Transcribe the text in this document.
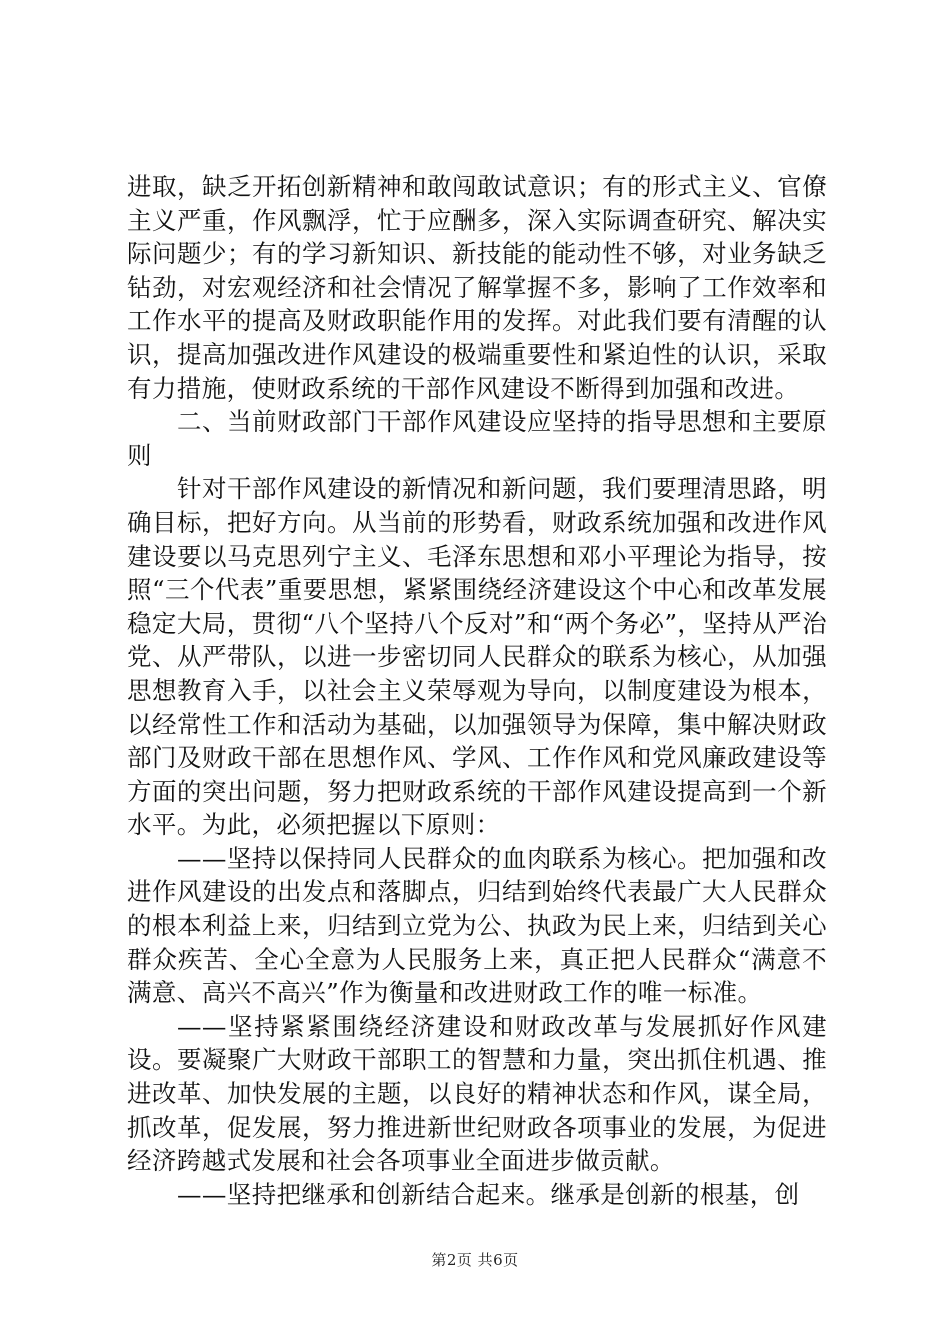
进取，缺乏开拓创新精神和敢闯敢试意识；有的形式主义、官僚主义严重，作风飘浮，忙于应酬多，深入实际调查研究、解决实际问题少；有的学习新知识、新技能的能动性不够，对业务缺乏钻劲，对宏观经济和社会情况了解掌握不多，影响了工作效率和工作水平的提高及财政职能作用的发挥。对此我们要有清醒的认识，提高加强改进作风建设的极端重要性和紧迫性的认识，采取有力措施，使财政系统的干部作风建设不断得到加强和改进。

二、当前财政部门干部作风建设应坚持的指导思想和主要原则

针对干部作风建设的新情况和新问题，我们要理清思路，明确目标，把好方向。从当前的形势看，财政系统加强和改进作风建设要以马克思列宁主义、毛泽东思想和邓小平理论为指导，按照“三个代表”重要思想，紧紧围绕经济建设这个中心和改革发展稳定大局，贯彻“八个坚持八个反对”和“两个务必”，坚持从严治党、从严带队，以进一步密切同人民群众的联系为核心，从加强思想教育入手，以社会主义荣辱观为导向，以制度建设为根本，以经常性工作和活动为基础，以加强领导为保障，集中解决财政部门及财政干部在思想作风、学风、工作作风和党风廉政建设等方面的突出问题，努力把财政系统的干部作风建设提高到一个新水平。为此，必须把握以下原则：

——坚持以保持同人民群众的血肉联系为核心。把加强和改进作风建设的出发点和落脚点，归结到始终代表最广大人民群众的根本利益上来，归结到立党为公、执政为民上来，归结到关心群众疾苦、全心全意为人民服务上来，真正把人民群众“满意不满意、高兴不高兴”作为衡量和改进财政工作的唯一标准。

——坚持紧紧围绕经济建设和财政改革与发展抓好作风建设。要凝聚广大财政干部职工的智慧和力量，突出抓住机遇、推进改革、加快发展的主题，以良好的精神状态和作风，谋全局，抓改革，促发展，努力推进新世纪财政各项事业的发展，为促进经济跨越式发展和社会各项事业全面进步做贡献。

——坚持把继承和创新结合起来。继承是创新的根基，创

第2页 共6页
